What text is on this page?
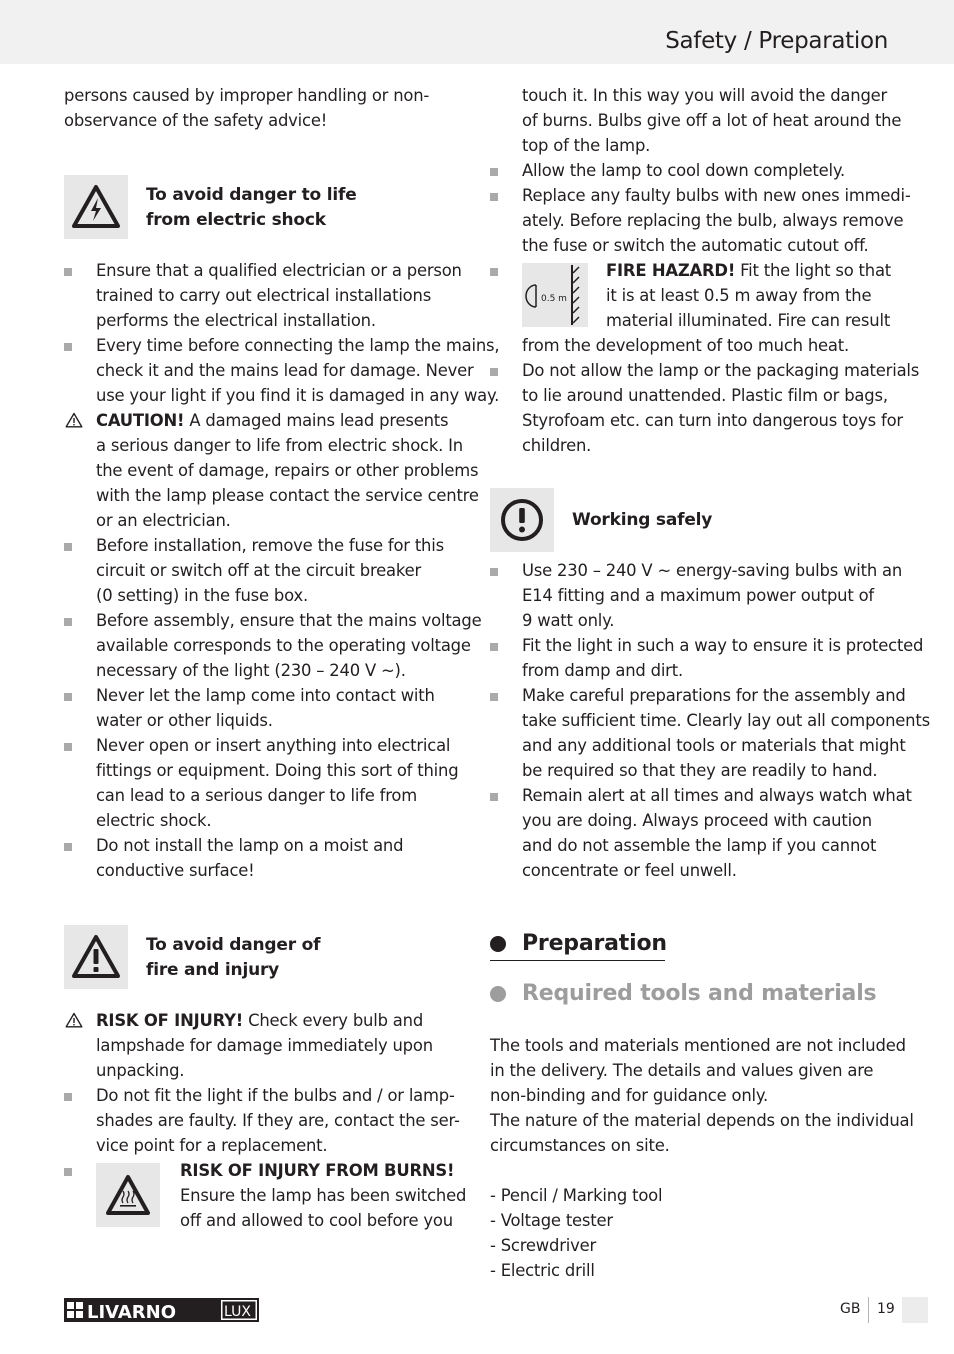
Safety / Preparation
persons caused by improper handling or non-
observance of the safety advice!
To avoid danger to life
from electric shock
Ensure that a qualified electrician or a person
trained to carry out electrical installations
performs the electrical installation.
Every time before connecting the lamp the mains,
check it and the mains lead for damage. Never
use your light if you find it is damaged in any way.
CAUTION! A damaged mains lead presents
a serious danger to life from electric shock. In
the event of damage, repairs or other problems
with the lamp please contact the service centre
or an electrician.
Before installation, remove the fuse for this
circuit or switch off at the circuit breaker
(0 setting) in the fuse box.
Before assembly, ensure that the mains voltage
available corresponds to the operating voltage
necessary of the light (230 – 240 V ~).
Never let the lamp come into contact with
water or other liquids.
Never open or insert anything into electrical
fittings or equipment. Doing this sort of thing
can lead to a serious danger to life from
electric shock.
Do not install the lamp on a moist and
conductive surface!
To avoid danger of
fire and injury
RISK OF INJURY! Check every bulb and
lampshade for damage immediately upon
unpacking.
Do not fit the light if the bulbs and / or lamp-
shades are faulty. If they are, contact the ser-
vice point for a replacement.
RISK OF INJURY FROM BURNS!
Ensure the lamp has been switched
off and allowed to cool before you
touch it. In this way you will avoid the danger
of burns. Bulbs give off a lot of heat around the
top of the lamp.
Allow the lamp to cool down completely.
Replace any faulty bulbs with new ones immedi-
ately. Before replacing the bulb, always remove
the fuse or switch the automatic cutout off.
0.5 m
FIRE HAZARD! Fit the light so that
it is at least 0.5 m away from the
material illuminated. Fire can result
from the development of too much heat.
Do not allow the lamp or the packaging materials
to lie around unattended. Plastic film or bags,
Styrofoam etc. can turn into dangerous toys for
children.
Working safely
Use 230 – 240 V ~ energy-saving bulbs with an
E14 fitting and a maximum power output of
9 watt only.
Fit the light in such a way to ensure it is protected
from damp and dirt.
Make careful preparations for the assembly and
take sufficient time. Clearly lay out all components
and any additional tools or materials that might
be required so that they are readily to hand.
Remain alert at all times and always watch what
you are doing. Always proceed with caution
and do not assemble the lamp if you cannot
concentrate or feel unwell.
Preparation
Required tools and materials
The tools and materials mentioned are not included
in the delivery. The details and values given are
non-binding and for guidance only.
The nature of the material depends on the individual
circumstances on site.
- Pencil / Marking tool
- Voltage tester
- Screwdriver
- Electric drill
LIVARNO	LUX	GB 19
